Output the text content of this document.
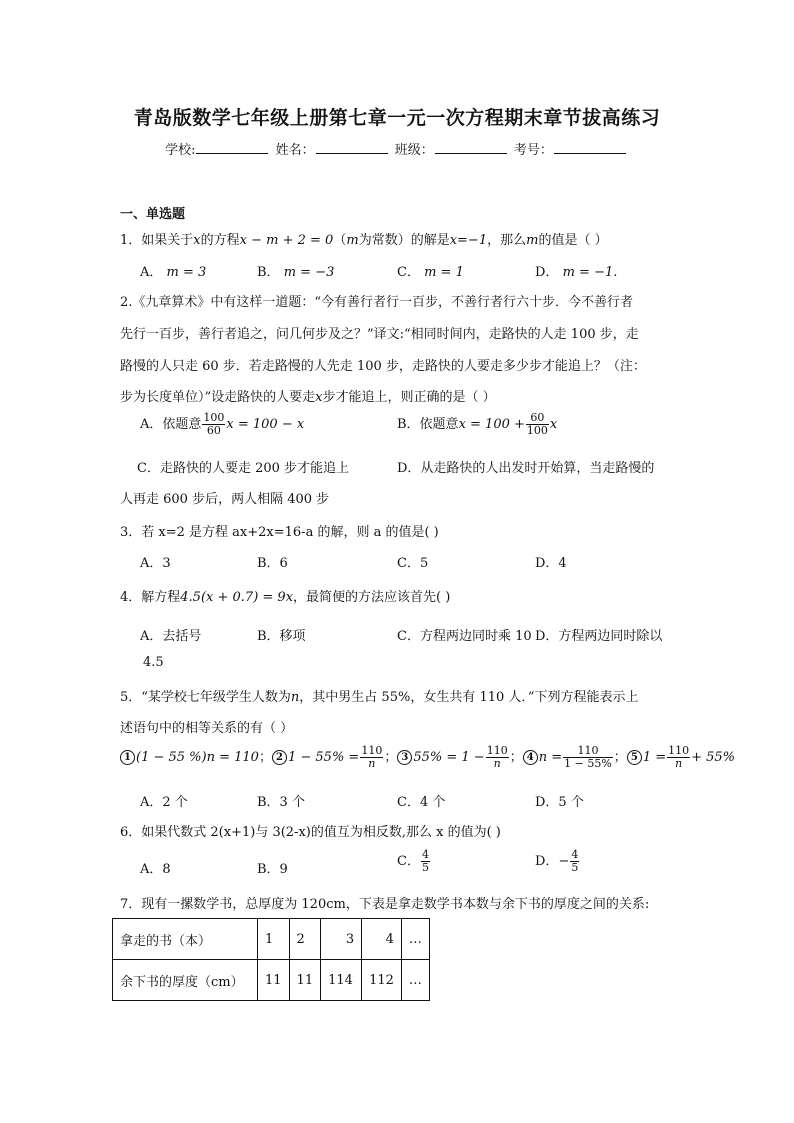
青岛版数学七年级上册第七章一元一次方程期末章节拔高练习
学校:	姓名：	班级：	考号：
一、单选题
1．如果关于x的方程x − m + 2 = 0（m为常数）的解是x=−1，那么m的值是（ ）
A． m = 3	B． m = −3	C． m = 1	D． m = −1.
2.《九章算术》中有这样一道题：“今有善行者行一百步，不善行者行六十步．今不善行者
先行一百步，善行者追之，问几何步及之？”译文:“相同时间内，走路快的人走 100 步，走
路慢的人只走 60 步．若走路慢的人先走 100 步，走路快的人要走多少步才能追上？（注：
步为长度单位）”设走路快的人要走x步才能追上，则正确的是（ ）
A．依题意 $\frac{100}{60}$ x = 100 − x	B．依题意$x = 100 + \frac{60}{100}$ x
C．走路快的人要走 200 步才能追上	D．从走路快的人出发时开始算，当走路慢的
人再走 600 步后，两人相隔 400 步
3．若 x=2 是方程 ax+2x=16-a 的解，则 a 的值是( )
A．3	B．6	C．5	D．4
4．解方程4.5(x + 0.7) = 9x，最简便的方法应该首先( )
A．去括号	B．移项	C．方程两边同时乘 10 D．方程两边同时除以
4.5
5．“某学校七年级学生人数为n，其中男生占 55%，女生共有 110 人．”下列方程能表示上
述语句中的相等关系的有（ ）
1 (1 − 55 %)n = 110； 2 $1 - 55\% = \frac{110}{n}$ ； 3 $55\% = 1 - \frac{110}{n}$ ； 4 $n = \frac{110}{1 - 55\%}$ ； 5 $1 = \frac{110}{n} + 55\%$
A．2 个	B．3 个	C．4 个	D．5 个
6．如果代数式 2(x+1)与 3(2-x)的值互为相反数,那么 x 的值为( )
A．8	B．9
C． $\frac{4}{5}$	D．− $\frac{4}{5}$
7．现有一摞数学书，总厚度为 120cm，下表是拿走数学书本数与余下书的厚度之间的关系:
拿走的书（本）	1	2	3	4	…
余下书的厚度（cm）	11	11	114	112	…
